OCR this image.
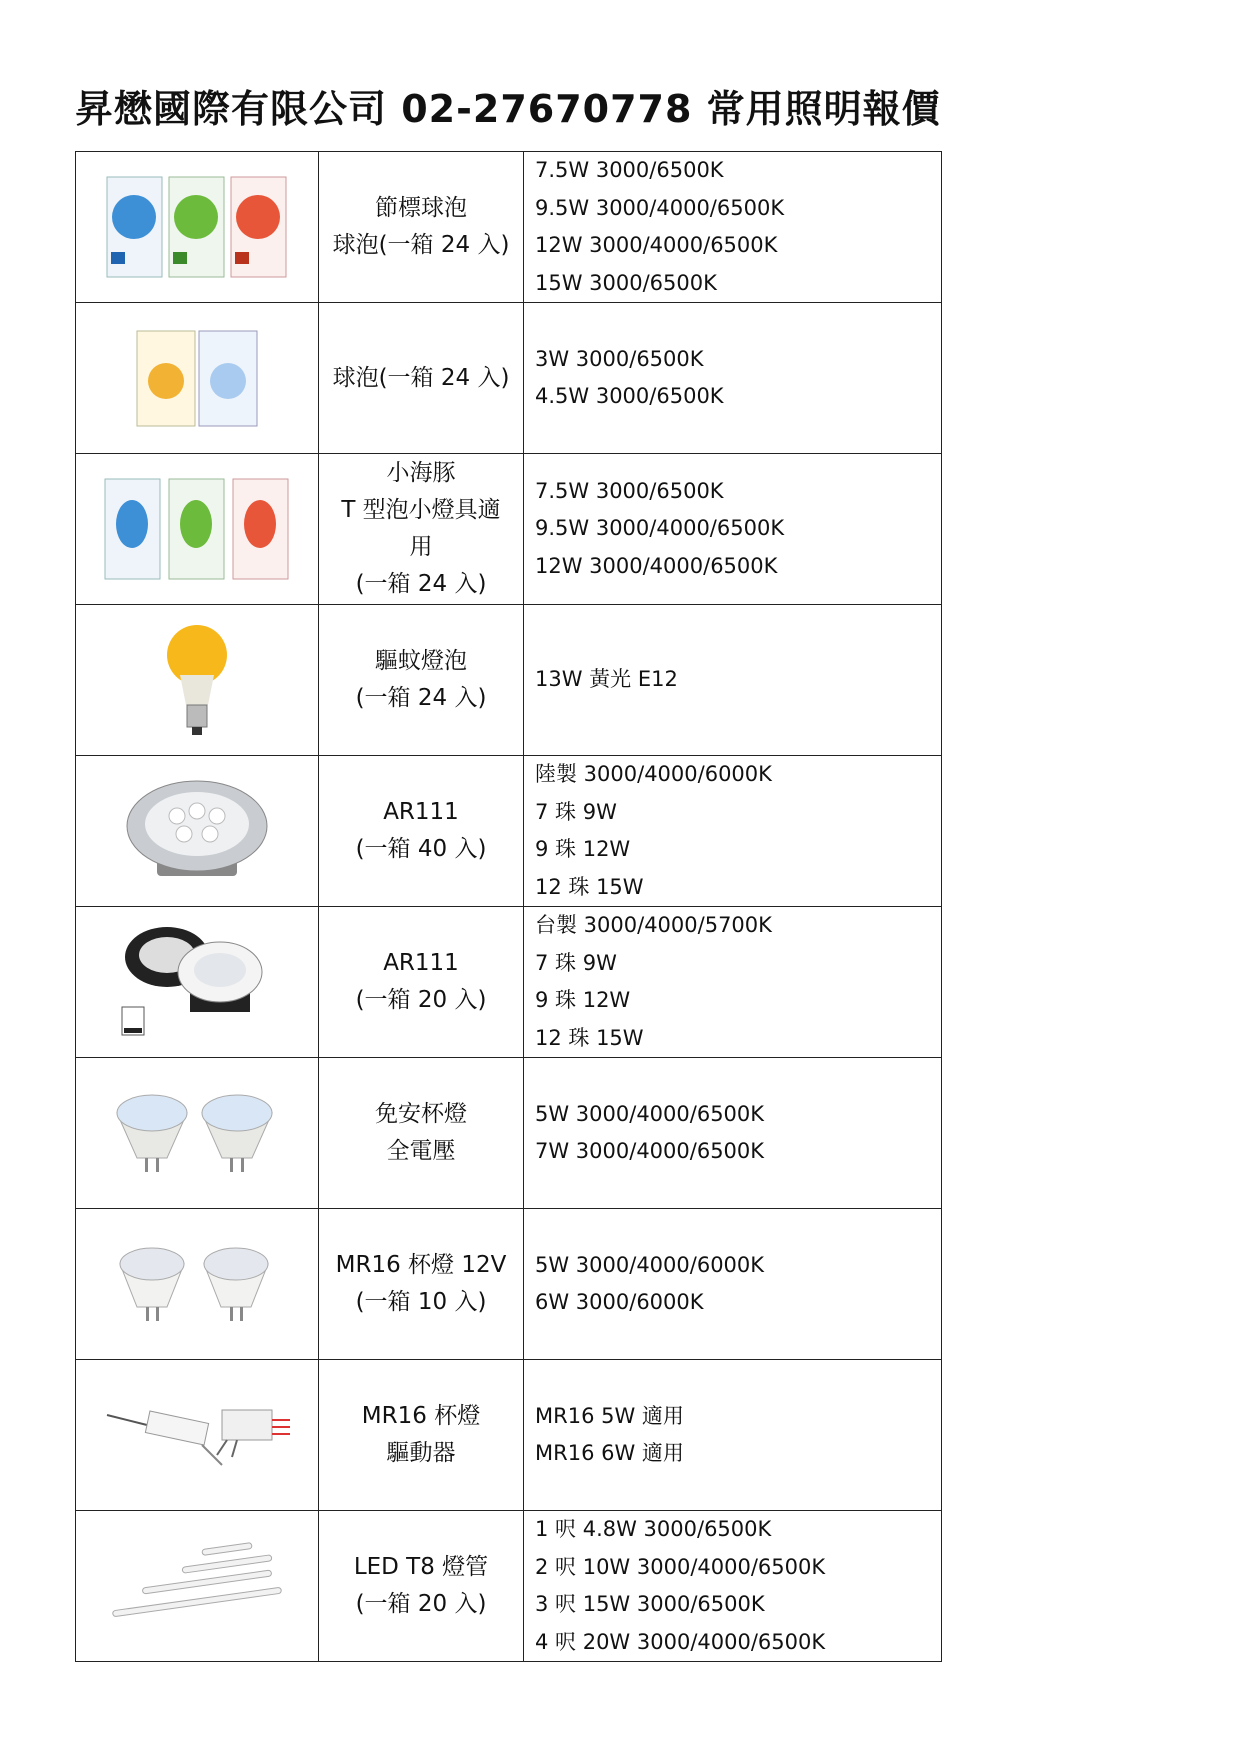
昇懋國際有限公司 02-27670778 常用照明報價

節標球泡
球泡(一箱 24 入)	7.5W 3000/6500K
9.5W 3000/4000/6500K
12W 3000/4000/6500K
15W 3000/6500K

球泡(一箱 24 入)	3W 3000/6500K
4.5W 3000/6500K

小海豚
T 型泡小燈具適
用
(一箱 24 入)	7.5W 3000/6500K
9.5W 3000/4000/6500K
12W 3000/4000/6500K

驅蚊燈泡
(一箱 24 入)	13W 黃光 E12

AR111
(一箱 40 入)	陸製 3000/4000/6000K
7 珠 9W
9 珠 12W
12 珠 15W

AR111
(一箱 20 入)	台製 3000/4000/5700K
7 珠 9W
9 珠 12W
12 珠 15W

免安杯燈
全電壓	5W 3000/4000/6500K
7W 3000/4000/6500K

MR16 杯燈 12V
(一箱 10 入)	5W 3000/4000/6000K
6W 3000/6000K

MR16 杯燈
驅動器	MR16 5W 適用
MR16 6W 適用

LED T8 燈管
(一箱 20 入)	1 呎 4.8W 3000/6500K
2 呎 10W 3000/4000/6500K
3 呎 15W 3000/6500K
4 呎 20W 3000/4000/6500K
